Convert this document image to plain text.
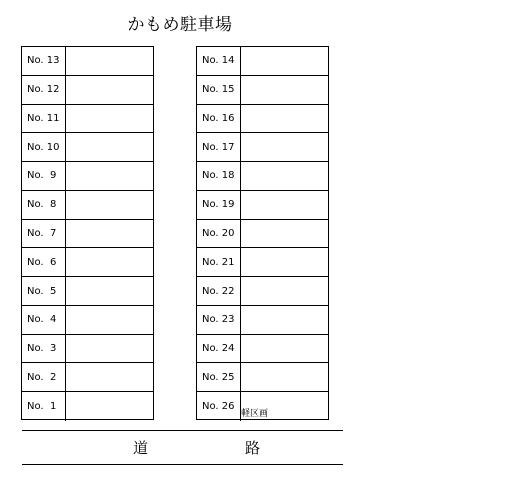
かもめ駐車場
No. 13
No. 12
No. 11
No. 10
No.  9
No.  8
No.  7
No.  6
No.  5
No.  4
No.  3
No.  2
No.  1
No. 14
No. 15
No. 16
No. 17
No. 18
No. 19
No. 20
No. 21
No. 22
No. 23
No. 24
No. 25
No. 26
軽区画
道	路
